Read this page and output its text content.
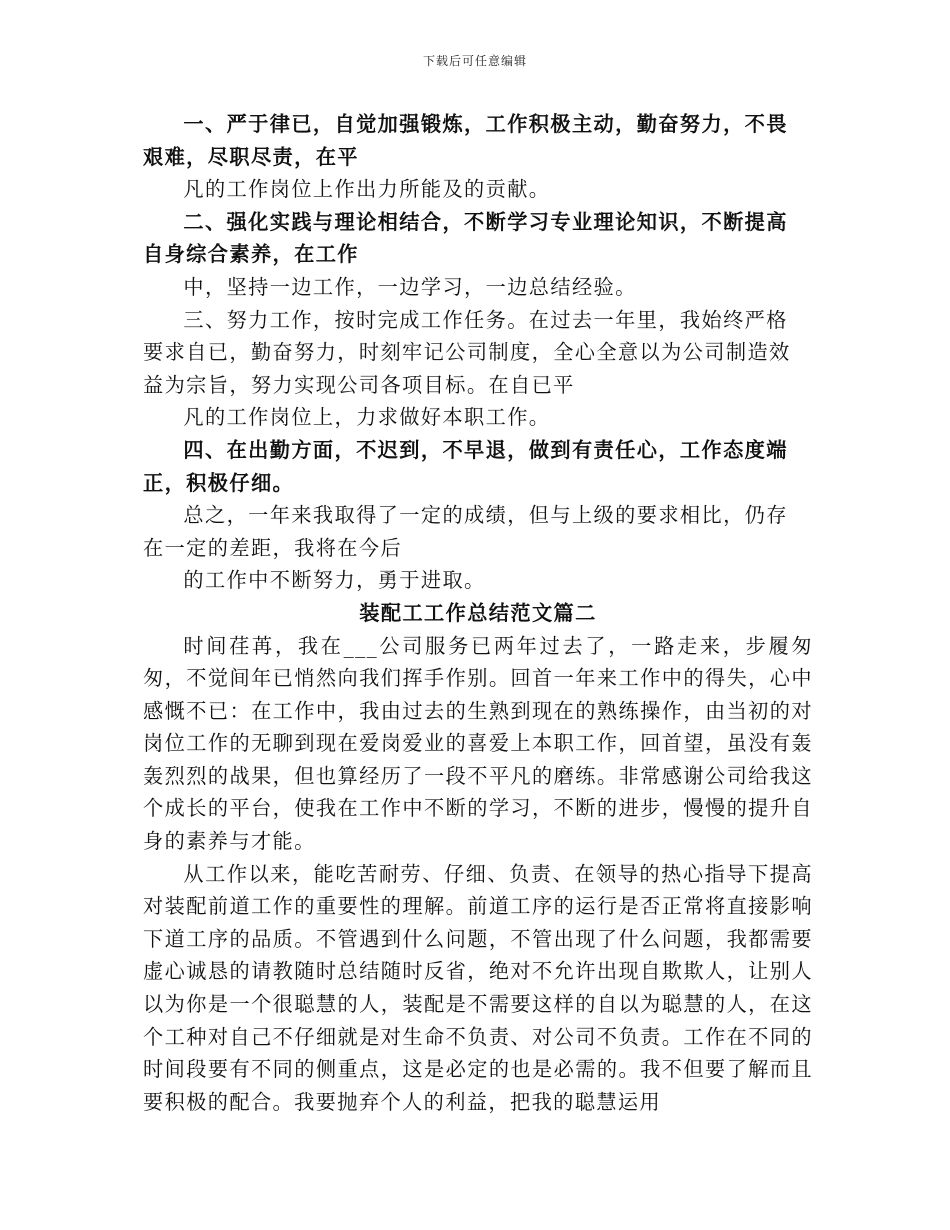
下载后可任意编辑

一、严于律已，自觉加强锻炼，工作积极主动，勤奋努力，不畏
艰难，尽职尽责，在平

凡的工作岗位上作出力所能及的贡献。

二、强化实践与理论相结合，不断学习专业理论知识，不断提高
自身综合素养，在工作

中，坚持一边工作，一边学习，一边总结经验。

三、努力工作，按时完成工作任务。在过去一年里，我始终严格
要求自已，勤奋努力，时刻牢记公司制度，全心全意以为公司制造效
益为宗旨，努力实现公司各项目标。在自已平

凡的工作岗位上，力求做好本职工作。

四、在出勤方面，不迟到，不早退，做到有责任心，工作态度端
正，积极仔细。

总之，一年来我取得了一定的成绩，但与上级的要求相比，仍存
在一定的差距，我将在今后

的工作中不断努力，勇于进取。

装配工工作总结范文篇二

时间荏苒，我在___公司服务已两年过去了，一路走来，步履匆匆，不觉间年已悄然向我们挥手作别。回首一年来工作中的得失，心中感慨不已：在工作中，我由过去的生熟到现在的熟练操作，由当初的对岗位工作的无聊到现在爱岗爱业的喜爱上本职工作，回首望，虽没有轰轰烈烈的战果，但也算经历了一段不平凡的磨练。非常感谢公司给我这个成长的平台，使我在工作中不断的学习，不断的进步，慢慢的提升自身的素养与才能。

从工作以来，能吃苦耐劳、仔细、负责、在领导的热心指导下提高对装配前道工作的重要性的理解。前道工序的运行是否正常将直接影响下道工序的品质。不管遇到什么问题，不管出现了什么问题，我都需要虚心诚恳的请教随时总结随时反省，绝对不允许出现自欺欺人，让别人以为你是一个很聪慧的人，装配是不需要这样的自以为聪慧的人，在这个工种对自己不仔细就是对生命不负责、对公司不负责。工作在不同的时间段要有不同的侧重点，这是必定的也是必需的。我不但要了解而且要积极的配合。我要抛弃个人的利益，把我的聪慧运用
